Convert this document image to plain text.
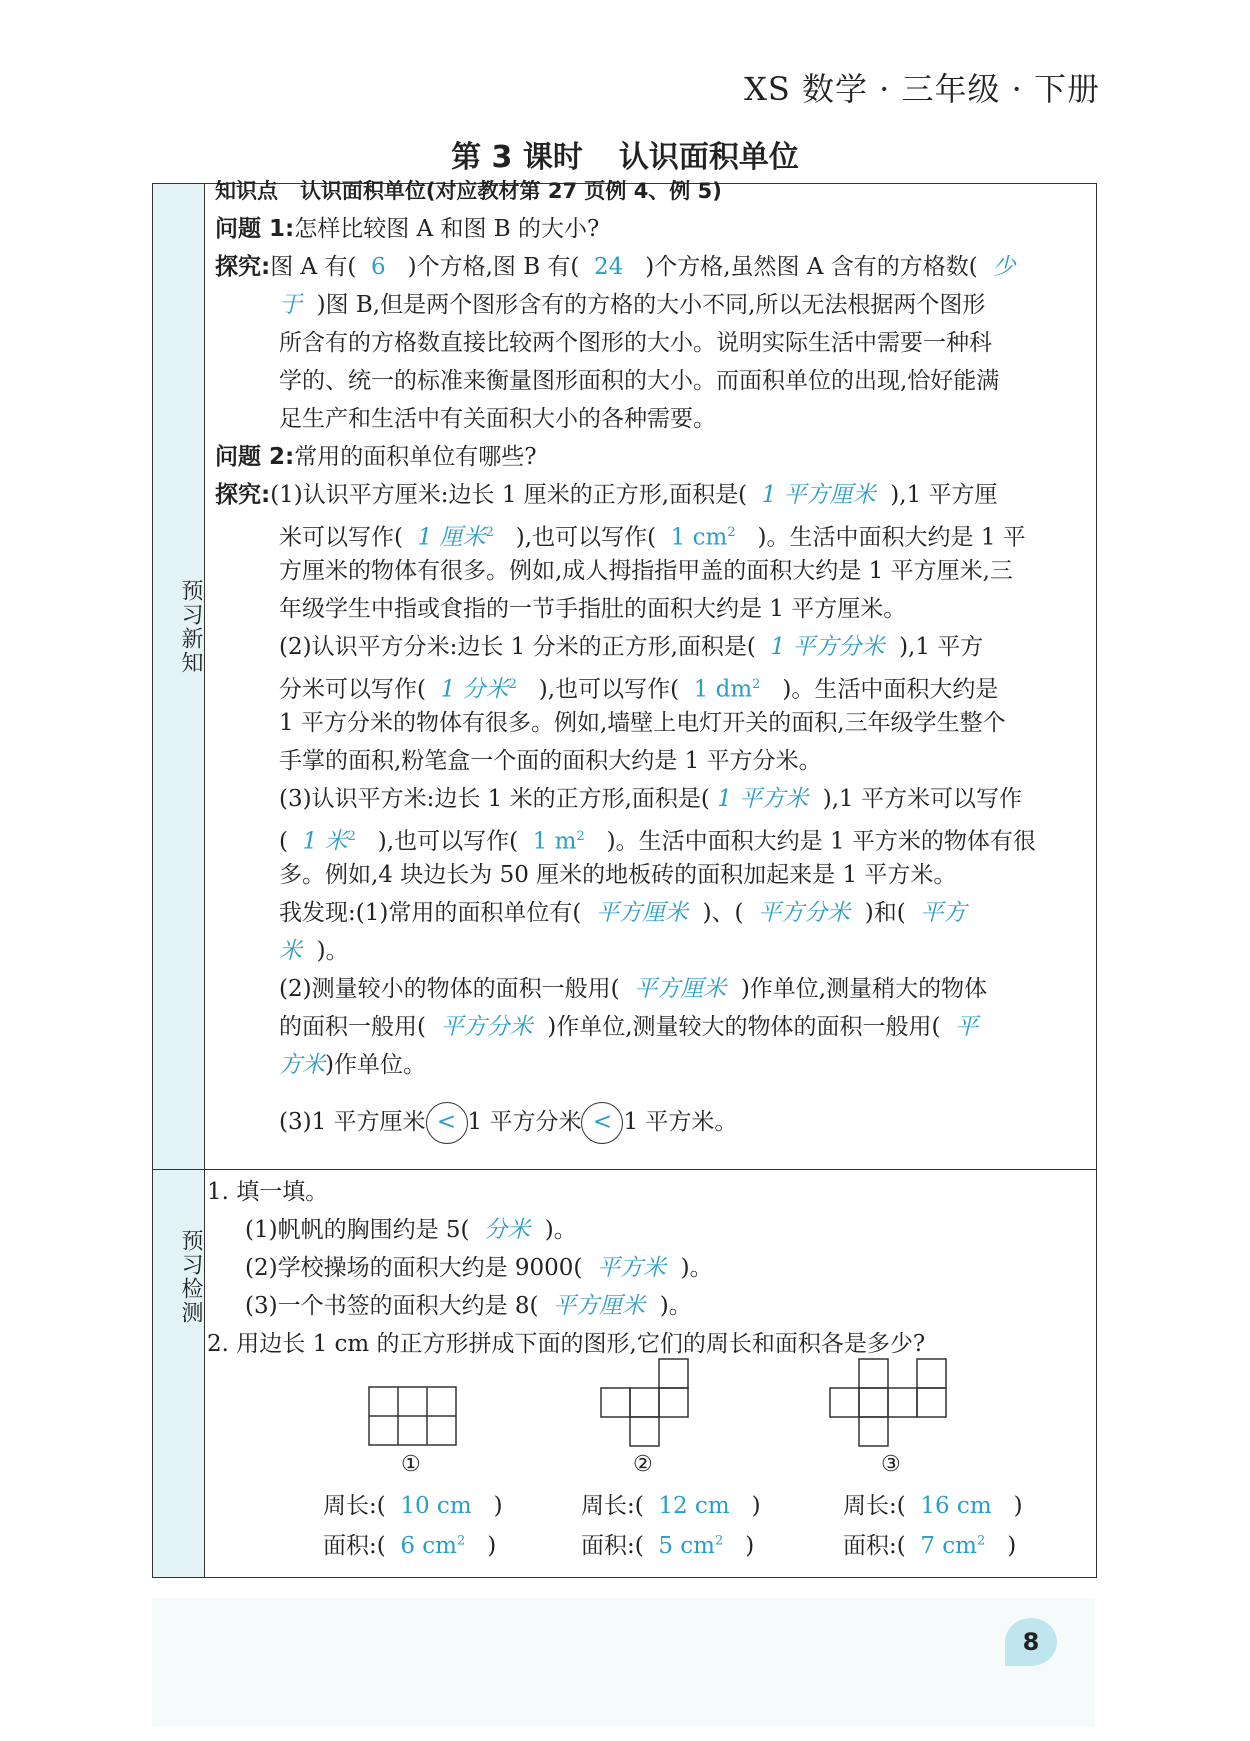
XS 数学 · 三年级 · 下册
第 3 课时 认识面积单位
预习新知
预习检测
知识点 认识面积单位(对应教材第 27 页例 4、例 5)
问题 1:怎样比较图 A 和图 B 的大小?
探究:图 A 有( 6 )个方格,图 B 有( 24 )个方格,虽然图 A 含有的方格数( 少
于 )图 B,但是两个图形含有的方格的大小不同,所以无法根据两个图形
所含有的方格数直接比较两个图形的大小。说明实际生活中需要一种科
学的、统一的标准来衡量图形面积的大小。而面积单位的出现,恰好能满
足生产和生活中有关面积大小的各种需要。
问题 2:常用的面积单位有哪些?
探究:(1)认识平方厘米:边长 1 厘米的正方形,面积是( 1 平方厘米 ),1 平方厘
米可以写作( 1 厘米$^2$ ),也可以写作( 1 $cm^2$ )。生活中面积大约是 1 平
方厘米的物体有很多。例如,成人拇指指甲盖的面积大约是 1 平方厘米,三
年级学生中指或食指的一节手指肚的面积大约是 1 平方厘米。
(2)认识平方分米:边长 1 分米的正方形,面积是( 1 平方分米 ),1 平方
分米可以写作( 1 分米$^2$ ),也可以写作( 1 $dm^2$ )。生活中面积大约是
1 平方分米的物体有很多。例如,墙壁上电灯开关的面积,三年级学生整个
手掌的面积,粉笔盒一个面的面积大约是 1 平方分米。
(3)认识平方米:边长 1 米的正方形,面积是( 1 平方米 ),1 平方米可以写作
( 1 米$^2$ ),也可以写作( 1 $m^2$ )。生活中面积大约是 1 平方米的物体有很
多。例如,4 块边长为 50 厘米的地板砖的面积加起来是 1 平方米。
我发现:(1)常用的面积单位有( 平方厘米 )、( 平方分米 )和( 平方
米 )。
(2)测量较小的物体的面积一般用( 平方厘米 )作单位,测量稍大的物体
的面积一般用( 平方分米 )作单位,测量较大的物体的面积一般用( 平
方米)作单位。
(3)1 平方厘米 < 1 平方分米 < 1 平方米。
1. 填一填。
(1)帆帆的胸围约是 5( 分米 )。
(2)学校操场的面积大约是 9000( 平方米 )。
(3)一个书签的面积大约是 8( 平方厘米 )。
2. 用边长 1 cm 的正方形拼成下面的图形,它们的周长和面积各是多少?
①	②	③
周长:( 10 cm )
面积:( 6 $cm^2$ )
周长:( 12 cm )
面积:( 5 $cm^2$ )
周长:( 16 cm )
面积:( 7 $cm^2$ )
8
